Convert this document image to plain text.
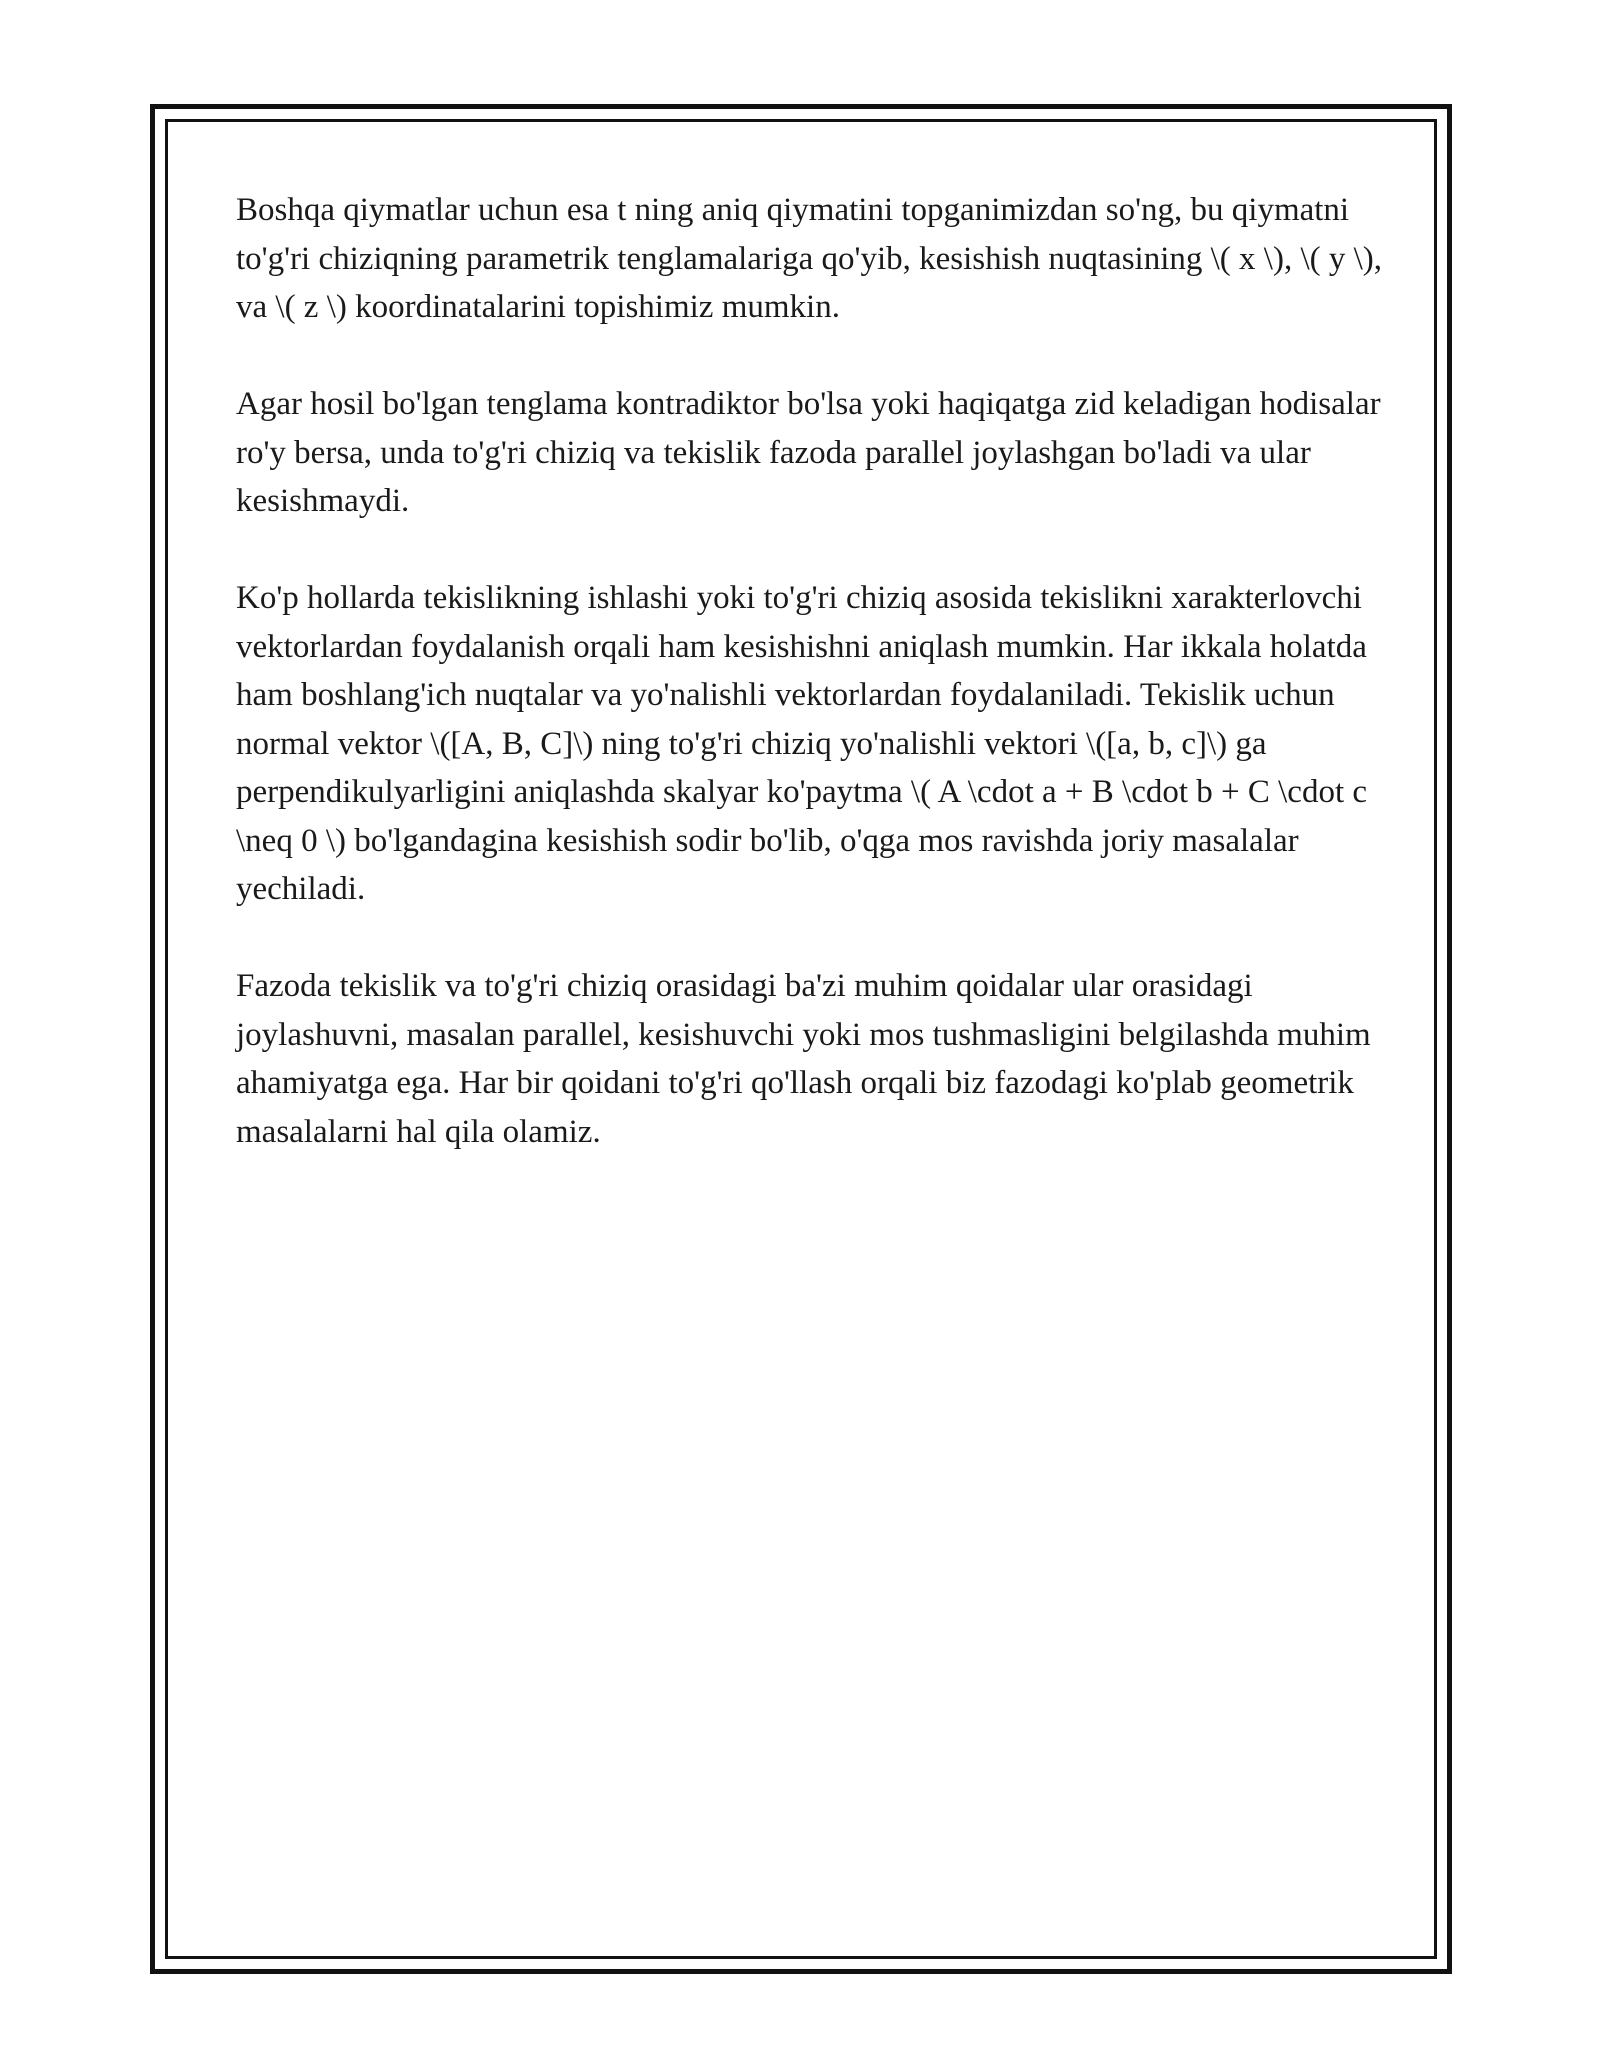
Boshqa qiymatlar uchun esa t ning aniq qiymatini topganimizdan so'ng, bu qiymatni to'g'ri chiziqning parametrik tenglamalariga qo'yib, kesishish nuqtasining \( x \), \( y \), va \( z \) koordinatalarini topishimiz mumkin.

Agar hosil bo'lgan tenglama kontradiktor bo'lsa yoki haqiqatga zid keladigan hodisalar ro'y bersa, unda to'g'ri chiziq va tekislik fazoda parallel joylashgan bo'ladi va ular kesishmaydi.

Ko'p hollarda tekislikning ishlashi yoki to'g'ri chiziq asosida tekislikni xarakterlovchi vektorlardan foydalanish orqali ham kesishishni aniqlash mumkin. Har ikkala holatda ham boshlang'ich nuqtalar va yo'nalishli vektorlardan foydalaniladi. Tekislik uchun normal vektor \([A, B, C]\) ning to'g'ri chiziq yo'nalishli vektori \([a, b, c]\) ga perpendikulyarligini aniqlashda skalyar ko'paytma \( A \cdot a + B \cdot b + C \cdot c \neq 0 \) bo'lgandagina kesishish sodir bo'lib, o'qga mos ravishda joriy masalalar yechiladi.

Fazoda tekislik va to'g'ri chiziq orasidagi ba'zi muhim qoidalar ular orasidagi joylashuvni, masalan parallel, kesishuvchi yoki mos tushmasligini belgilashda muhim ahamiyatga ega. Har bir qoidani to'g'ri qo'llash orqali biz fazodagi ko'plab geometrik masalalarni hal qila olamiz.
